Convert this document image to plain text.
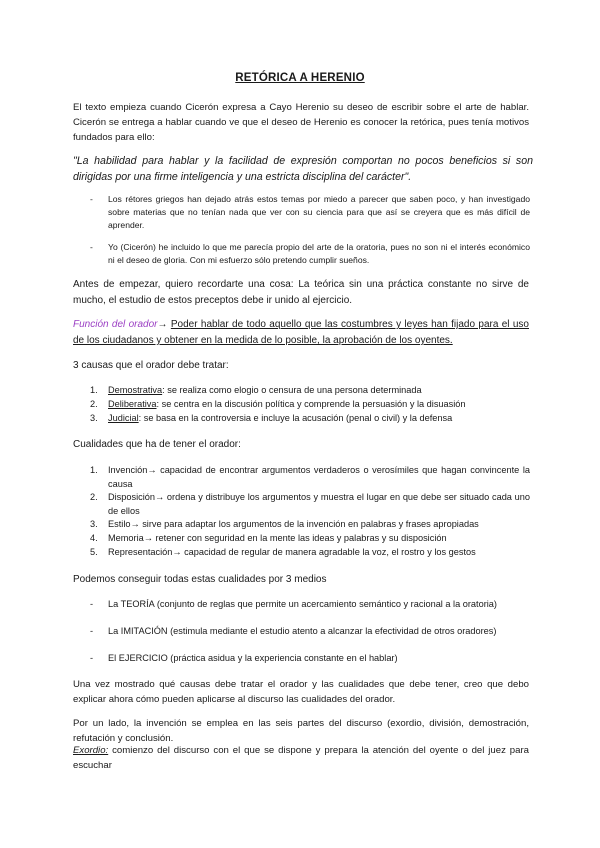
RETÓRICA A HERENIO
El texto empieza cuando Cicerón expresa a Cayo Herenio su deseo de escribir sobre el arte de hablar. Cicerón se entrega a hablar cuando ve que el deseo de Herenio es conocer la retórica, pues tenía motivos fundados para ello:
"La habilidad para hablar y la facilidad de expresión comportan no pocos beneficios si son dirigidas por una firme inteligencia y una estricta disciplina del carácter".
- Los rétores griegos han dejado atrás estos temas por miedo a parecer que saben poco, y han investigado sobre materias que no tenían nada que ver con su ciencia para que así se creyera que es más difícil de aprender.
- Yo (Cicerón) he incluido lo que me parecía propio del arte de la oratoria, pues no son ni el interés económico ni el deseo de gloria. Con mi esfuerzo sólo pretendo cumplir sueños.
Antes de empezar, quiero recordarte una cosa: La teórica sin una práctica constante no sirve de mucho, el estudio de estos preceptos debe ir unido al ejercicio.
Función del orador→ Poder hablar de todo aquello que las costumbres y leyes han fijado para el uso de los ciudadanos y obtener en la medida de lo posible, la aprobación de los oyentes.
3 causas que el orador debe tratar:
1. Demostrativa: se realiza como elogio o censura de una persona determinada
2. Deliberativa: se centra en la discusión política y comprende la persuasión y la disuasión
3. Judicial: se basa en la controversia e incluye la acusación (penal o civil) y la defensa
Cualidades que ha de tener el orador:
1. Invención→ capacidad de encontrar argumentos verdaderos o verosímiles que hagan convincente la causa
2. Disposición→ ordena y distribuye los argumentos y muestra el lugar en que debe ser situado cada uno de ellos
3. Estilo→ sirve para adaptar los argumentos de la invención en palabras y frases apropiadas
4. Memoria→ retener con seguridad en la mente las ideas y palabras y su disposición
5. Representación→ capacidad de regular de manera agradable la voz, el rostro y los gestos
Podemos conseguir todas estas cualidades por 3 medios
- La TEORÍA (conjunto de reglas que permite un acercamiento semántico y racional a la oratoria)
- La IMITACIÓN (estimula mediante el estudio atento a alcanzar la efectividad de otros oradores)
- El EJERCICIO (práctica asidua y la experiencia constante en el hablar)
Una vez mostrado qué causas debe tratar el orador y las cualidades que debe tener, creo que debo explicar ahora cómo pueden aplicarse al discurso las cualidades del orador.
Por un lado, la invención se emplea en las seis partes del discurso (exordio, división, demostración, refutación y conclusión.
Exordio: comienzo del discurso con el que se dispone y prepara la atención del oyente o del juez para escuchar
